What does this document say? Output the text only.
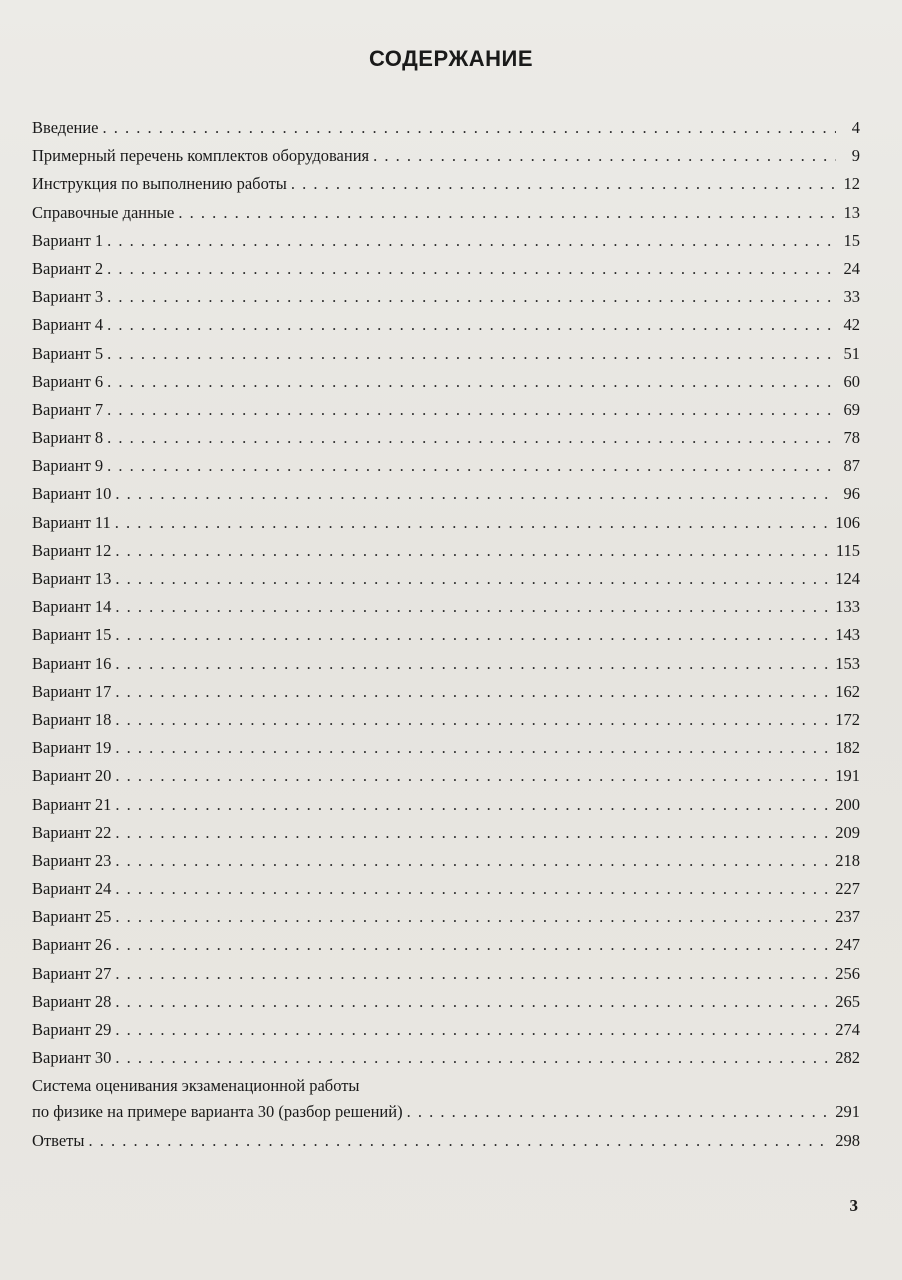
СОДЕРЖАНИЕ
Введение . . .	4
Примерный перечень комплектов оборудования . . .	9
Инструкция по выполнению работы . . .	12
Справочные данные . . .	13
Вариант 1 . . .	15
Вариант 2 . . .	24
Вариант 3 . . .	33
Вариант 4 . . .	42
Вариант 5 . . .	51
Вариант 6 . . .	60
Вариант 7 . . .	69
Вариант 8 . . .	78
Вариант 9 . . .	87
Вариант 10 . . .	96
Вариант 11 . . .	106
Вариант 12 . . .	115
Вариант 13 . . .	124
Вариант 14 . . .	133
Вариант 15 . . .	143
Вариант 16 . . .	153
Вариант 17 . . .	162
Вариант 18 . . .	172
Вариант 19 . . .	182
Вариант 20 . . .	191
Вариант 21 . . .	200
Вариант 22 . . .	209
Вариант 23 . . .	218
Вариант 24 . . .	227
Вариант 25 . . .	237
Вариант 26 . . .	247
Вариант 27 . . .	256
Вариант 28 . . .	265
Вариант 29 . . .	274
Вариант 30 . . .	282
Система оценивания экзаменационной работы
по физике на примере варианта 30 (разбор решений) . . .	291
Ответы . . .	298
3
